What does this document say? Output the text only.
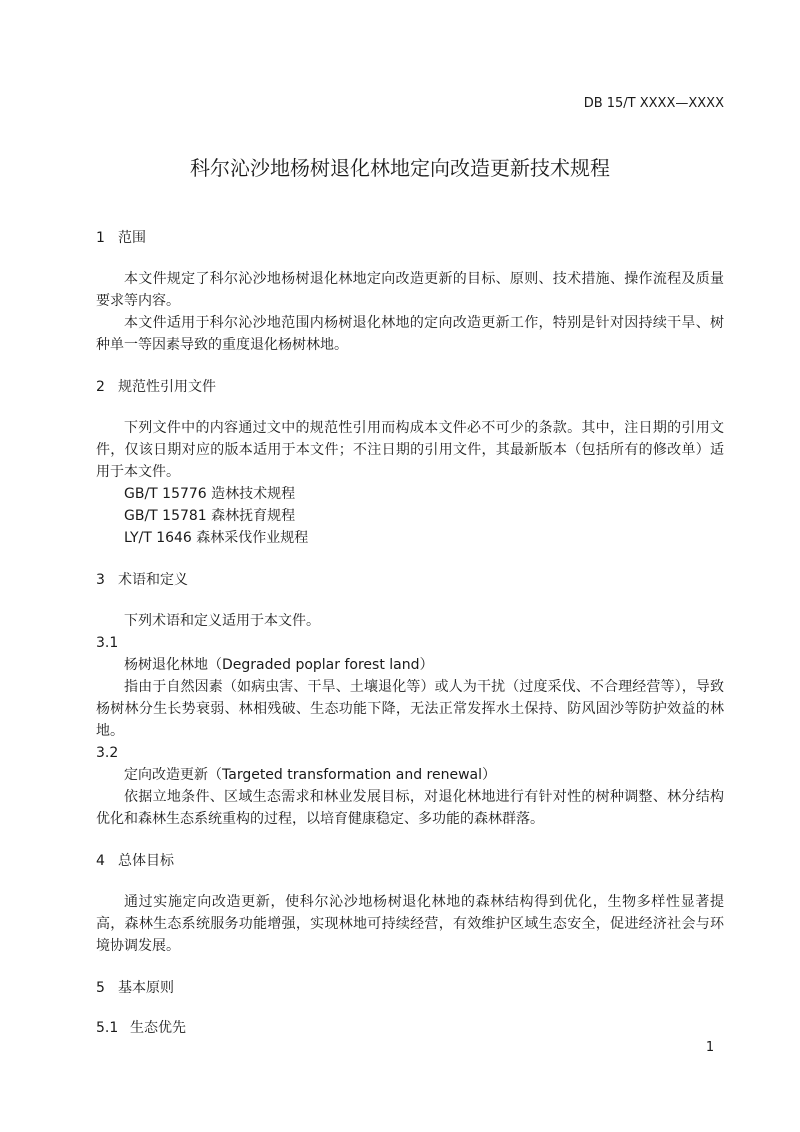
DB 15/T XXXX—XXXX
科尔沁沙地杨树退化林地定向改造更新技术规程

1 范围

本文件规定了科尔沁沙地杨树退化林地定向改造更新的目标、原则、技术措施、操作流程及质量要求等内容。

本文件适用于科尔沁沙地范围内杨树退化林地的定向改造更新工作，特别是针对因持续干旱、树种单一等因素导致的重度退化杨树林地。

2 规范性引用文件

下列文件中的内容通过文中的规范性引用而构成本文件必不可少的条款。其中，注日期的引用文件，仅该日期对应的版本适用于本文件；不注日期的引用文件，其最新版本（包括所有的修改单）适用于本文件。

GB/T 15776 造林技术规程

GB/T 15781 森林抚育规程

LY/T 1646 森林采伐作业规程

3 术语和定义

下列术语和定义适用于本文件。

3.1

杨树退化林地（Degraded poplar forest land）

指由于自然因素（如病虫害、干旱、土壤退化等）或人为干扰（过度采伐、不合理经营等），导致杨树林分生长势衰弱、林相残破、生态功能下降，无法正常发挥水土保持、防风固沙等防护效益的林地。

3.2

定向改造更新（Targeted transformation and renewal）

依据立地条件、区域生态需求和林业发展目标，对退化林地进行有针对性的树种调整、林分结构优化和森林生态系统重构的过程，以培育健康稳定、多功能的森林群落。

4 总体目标

通过实施定向改造更新，使科尔沁沙地杨树退化林地的森林结构得到优化，生物多样性显著提高，森林生态系统服务功能增强，实现林地可持续经营，有效维护区域生态安全，促进经济社会与环境协调发展。

5 基本原则

5.1 生态优先

1
